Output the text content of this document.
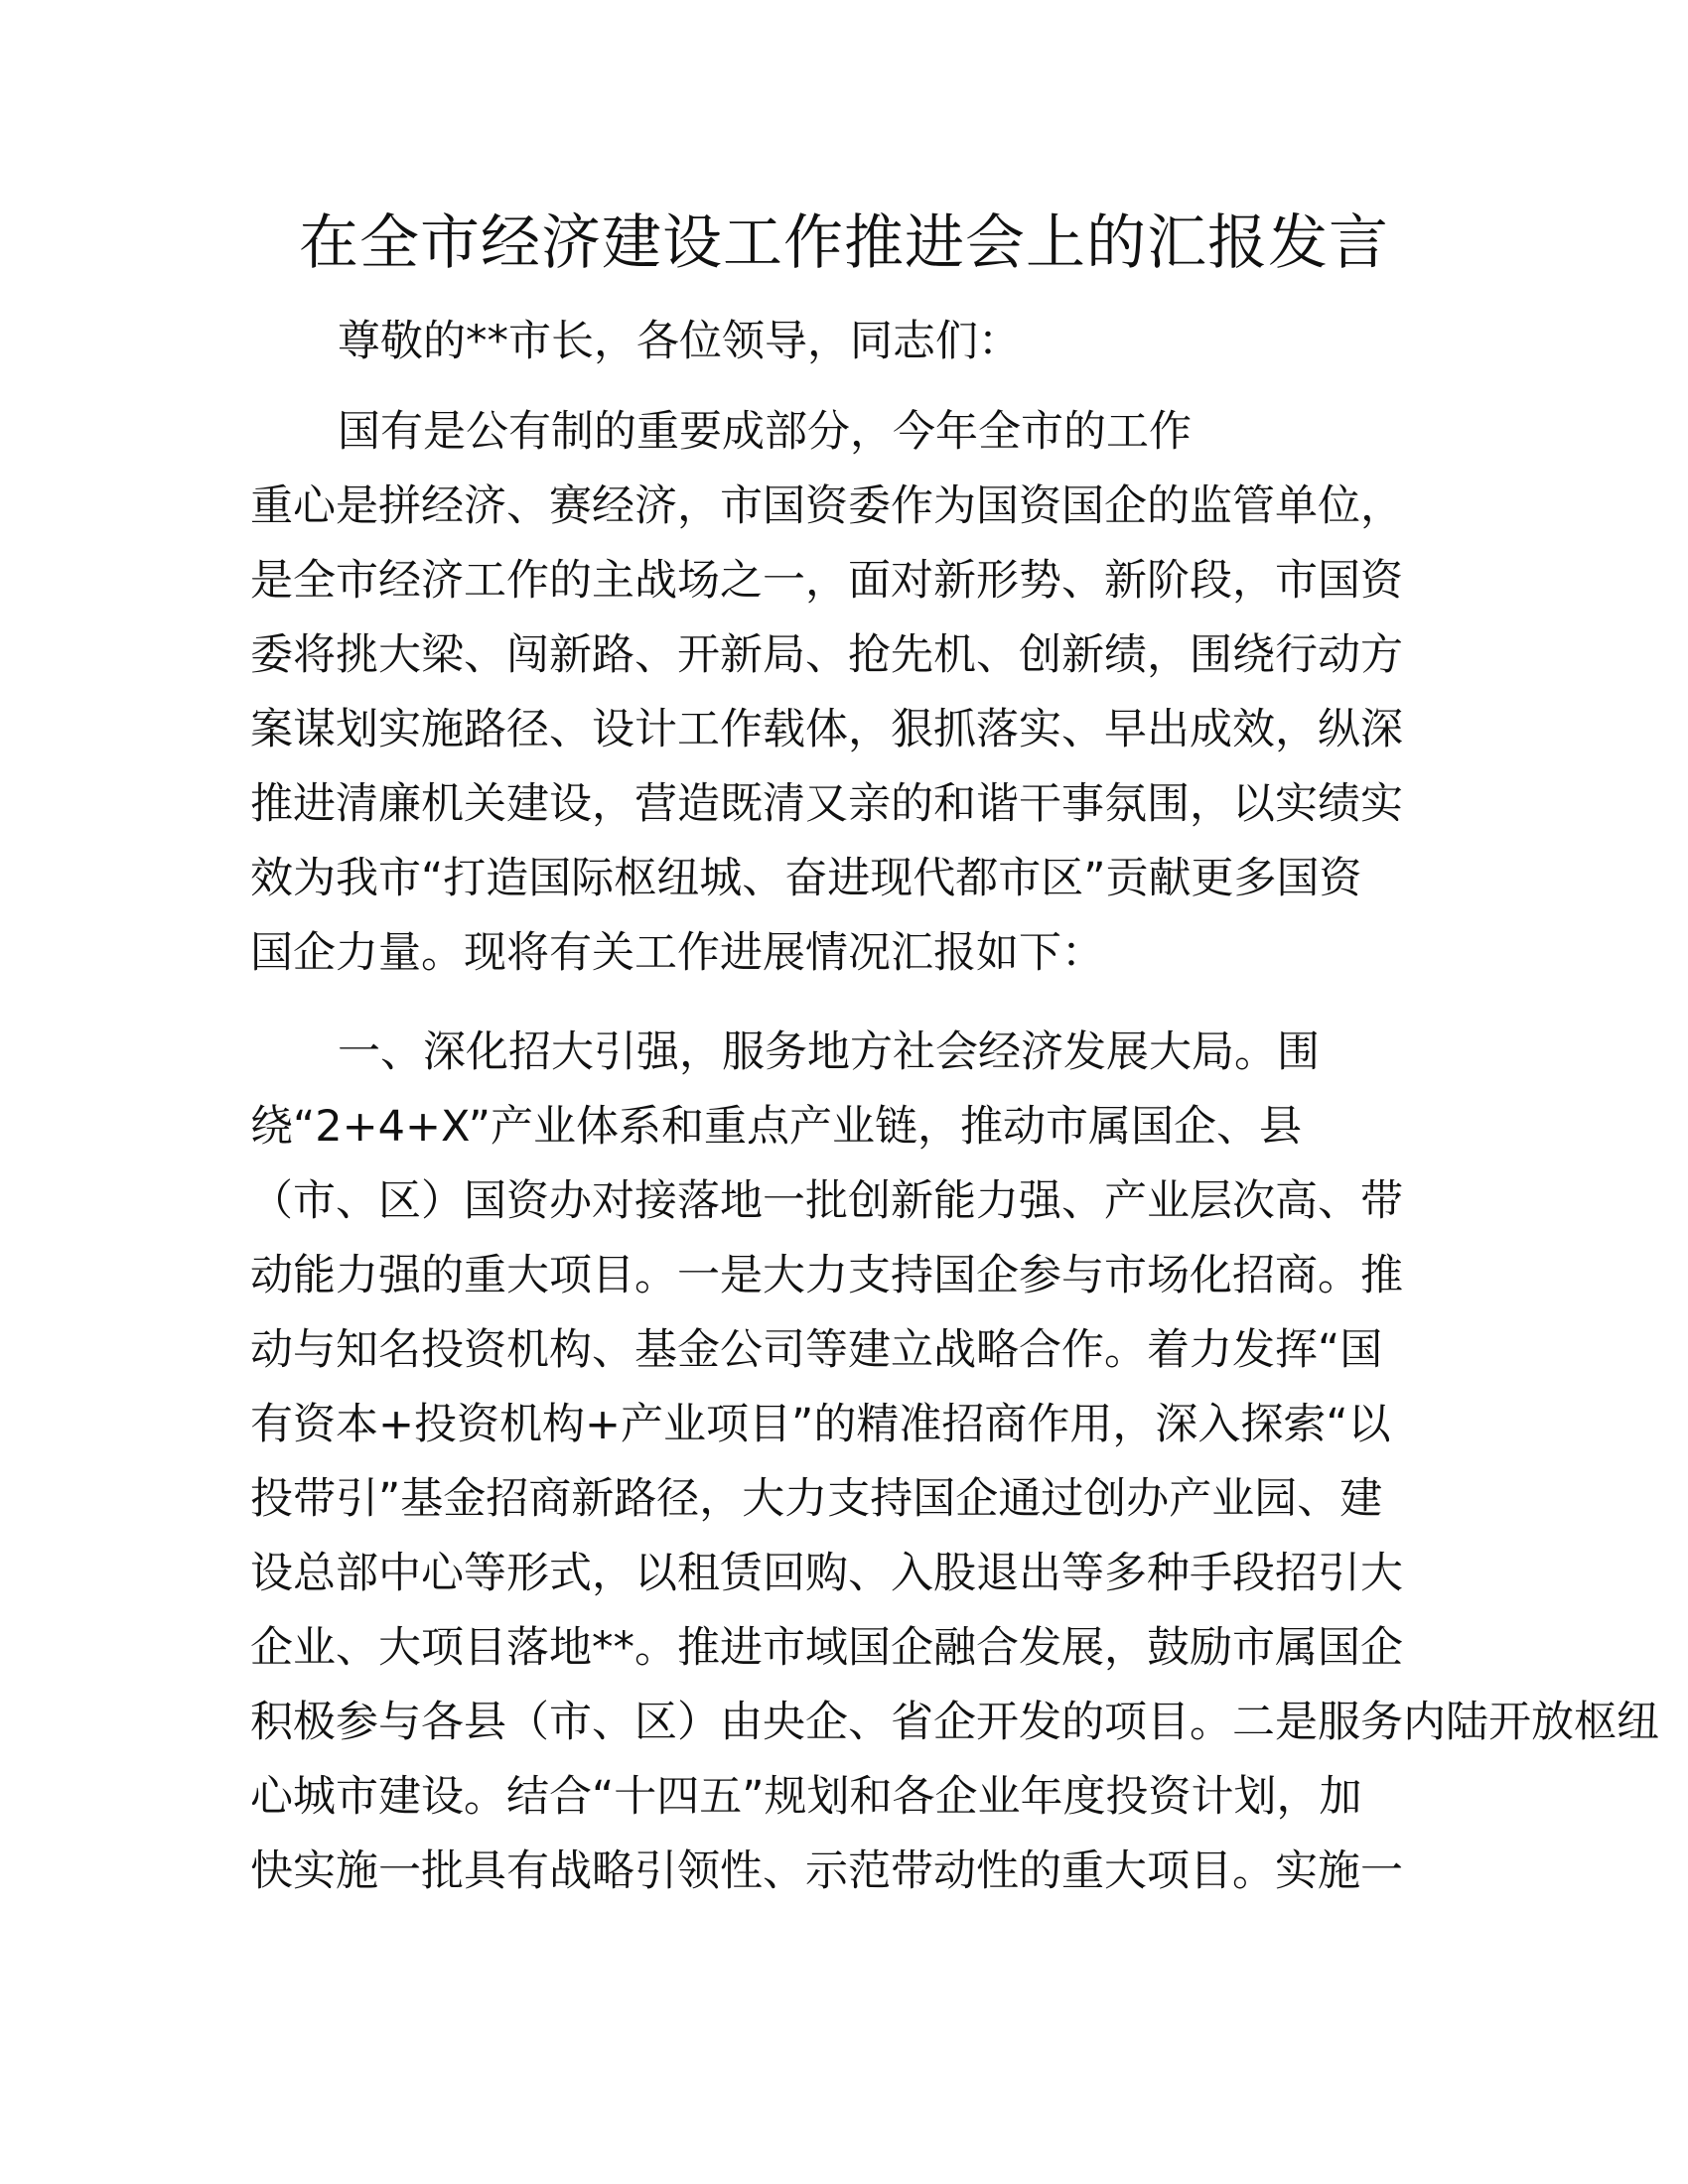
在全市经济建设工作推进会上的汇报发言
尊敬的**市长，各位领导，同志们：
国有是公有制的重要成部分，今年全市的工作
重心是拼经济、赛经济，市国资委作为国资国企的监管单位，
是全市经济工作的主战场之一，面对新形势、新阶段，市国资
委将挑大梁、闯新路、开新局、抢先机、创新绩，围绕行动方
案谋划实施路径、设计工作载体，狠抓落实、早出成效，纵深
推进清廉机关建设，营造既清又亲的和谐干事氛围，以实绩实
效为我市“打造国际枢纽城、奋进现代都市区”贡献更多国资
国企力量。现将有关工作进展情况汇报如下：
一、深化招大引强，服务地方社会经济发展大局。围
绕“2+4+X”产业体系和重点产业链，推动市属国企、县
（市、区）国资办对接落地一批创新能力强、产业层次高、带
动能力强的重大项目。一是大力支持国企参与市场化招商。推
动与知名投资机构、基金公司等建立战略合作。着力发挥“国
有资本+投资机构+产业项目”的精准招商作用，深入探索“以
投带引”基金招商新路径，大力支持国企通过创办产业园、建
设总部中心等形式，以租赁回购、入股退出等多种手段招引大
企业、大项目落地**。推进市域国企融合发展，鼓励市属国企
积极参与各县（市、区）由央企、省企开发的项目。二是服务内陆开放枢纽
心城市建设。结合“十四五”规划和各企业年度投资计划，加
快实施一批具有战略引领性、示范带动性的重大项目。实施一
